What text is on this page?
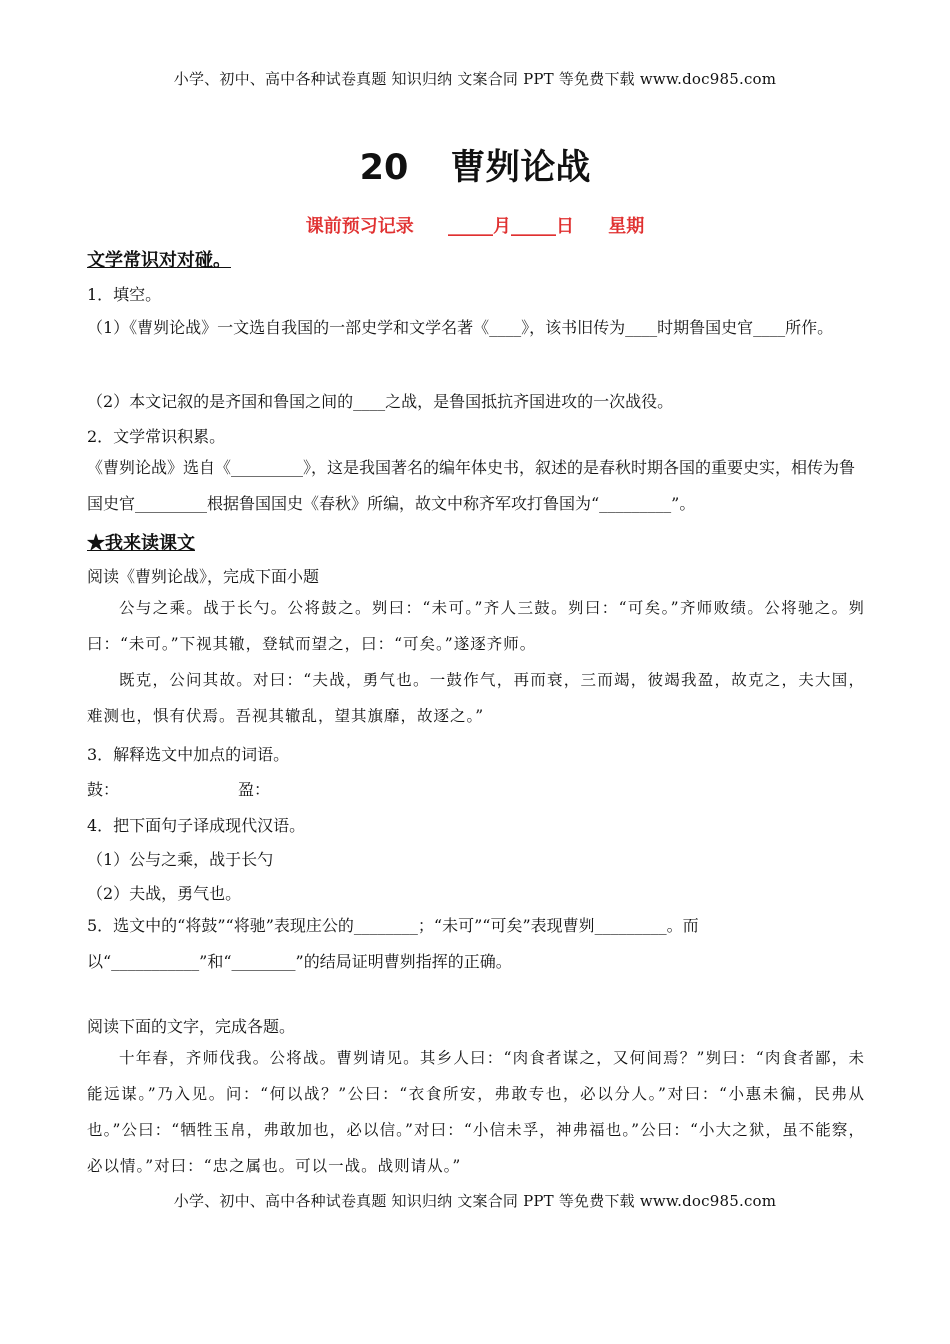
小学、初中、高中各种试卷真题 知识归纳 文案合同 PPT 等免费下载 www.doc985.com
20 曹刿论战
课前预习记录 _____月_____日 星期
文学常识对对碰。
1．填空。
（1）《曹刿论战》一文选自我国的一部史学和文学名著《____》，该书旧传为____时期鲁国史官____所作。
（2）本文记叙的是齐国和鲁国之间的____之战，是鲁国抵抗齐国进攻的一次战役。
2．文学常识积累。
《曹刿论战》选自《_________》，这是我国著名的编年体史书，叙述的是春秋时期各国的重要史实，相传为鲁国史官_________根据鲁国国史《春秋》所编，故文中称齐军攻打鲁国为“_________”。
★我来读课文
阅读《曹刿论战》，完成下面小题
公与之乘。战于长勺。公将鼓之。刿曰：“未可。”齐人三鼓。刿曰：“可矣。”齐师败绩。公将驰之。刿曰：“未可。”下视其辙，登轼而望之，曰：“可矣。”遂逐齐师。
既克，公问其故。对曰：“夫战，勇气也。一鼓作气，再而衰，三而竭，彼竭我盈，故克之，夫大国，难测也，惧有伏焉。吾视其辙乱，望其旗靡，故逐之。”
3．解释选文中加点的词语。
鼓：	盈：
4．把下面句子译成现代汉语。
（1）公与之乘，战于长勺
（2）夫战，勇气也。
5．选文中的“将鼓”“将驰”表现庄公的________；“未可”“可矣”表现曹刿_________。而以“___________”和“________”的结局证明曹刿指挥的正确。
阅读下面的文字，完成各题。
十年春，齐师伐我。公将战。曹刿请见。其乡人曰：“肉食者谋之，又何间焉？”刿曰：“肉食者鄙，未能远谋。”乃入见。问：“何以战？”公曰：“衣食所安，弗敢专也，必以分人。”对曰：“小惠未徧，民弗从也。”公曰：“牺牲玉帛，弗敢加也，必以信。”对曰：“小信未孚，神弗福也。”公曰：“小大之狱，虽不能察，必以情。”对曰：“忠之属也。可以一战。战则请从。”
小学、初中、高中各种试卷真题 知识归纳 文案合同 PPT 等免费下载 www.doc985.com
